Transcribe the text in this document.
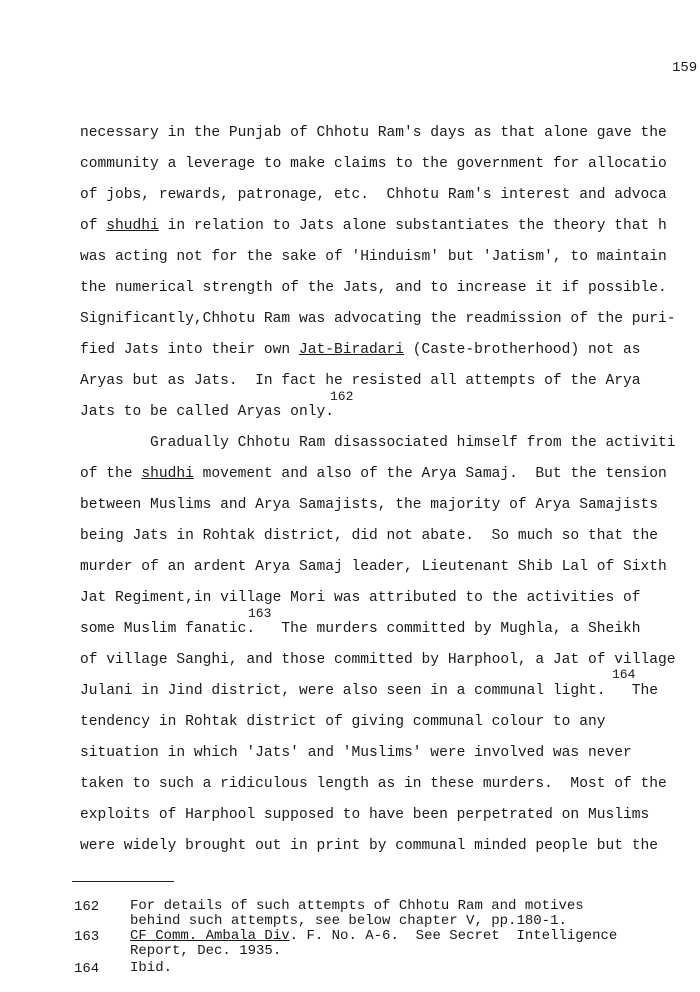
159
necessary in the Punjab of Chhotu Ram's days as that alone gave the
community a leverage to make claims to the government for allocatio
of jobs, rewards, patronage, etc.  Chhotu Ram's interest and advoca
of shudhi in relation to Jats alone substantiates the theory that h
was acting not for the sake of 'Hinduism' but 'Jatism', to maintain
the numerical strength of the Jats, and to increase it if possible.
Significantly,Chhotu Ram was advocating the readmission of the puri-
fied Jats into their own Jat-Biradari (Caste-brotherhood) not as
Aryas but as Jats.  In fact he resisted all attempts of the Arya
Jats to be called Aryas only.
Gradually Chhotu Ram disassociated himself from the activiti
of the shudhi movement and also of the Arya Samaj.  But the tension
between Muslims and Arya Samajists, the majority of Arya Samajists
being Jats in Rohtak district, did not abate.  So much so that the
murder of an ardent Arya Samaj leader, Lieutenant Shib Lal of Sixth
Jat Regiment,in village Mori was attributed to the activities of
some Muslim fanatic.   The murders committed by Mughla, a Sheikh
of village Sanghi, and those committed by Harphool, a Jat of village
Julani in Jind district, were also seen in a communal light.   The
tendency in Rohtak district of giving communal colour to any
situation in which 'Jats' and 'Muslims' were involved was never
taken to such a ridiculous length as in these murders.  Most of the
exploits of Harphool supposed to have been perpetrated on Muslims
were widely brought out in print by communal minded people but the
162
163
164
162 For details of such attempts of Chhotu Ram and motives
behind such attempts, see below chapter V, pp.180-1.
163 CF Comm. Ambala Div. F. No. A-6.  See Secret  Intelligence
Report, Dec. 1935.
164 Ibid.
